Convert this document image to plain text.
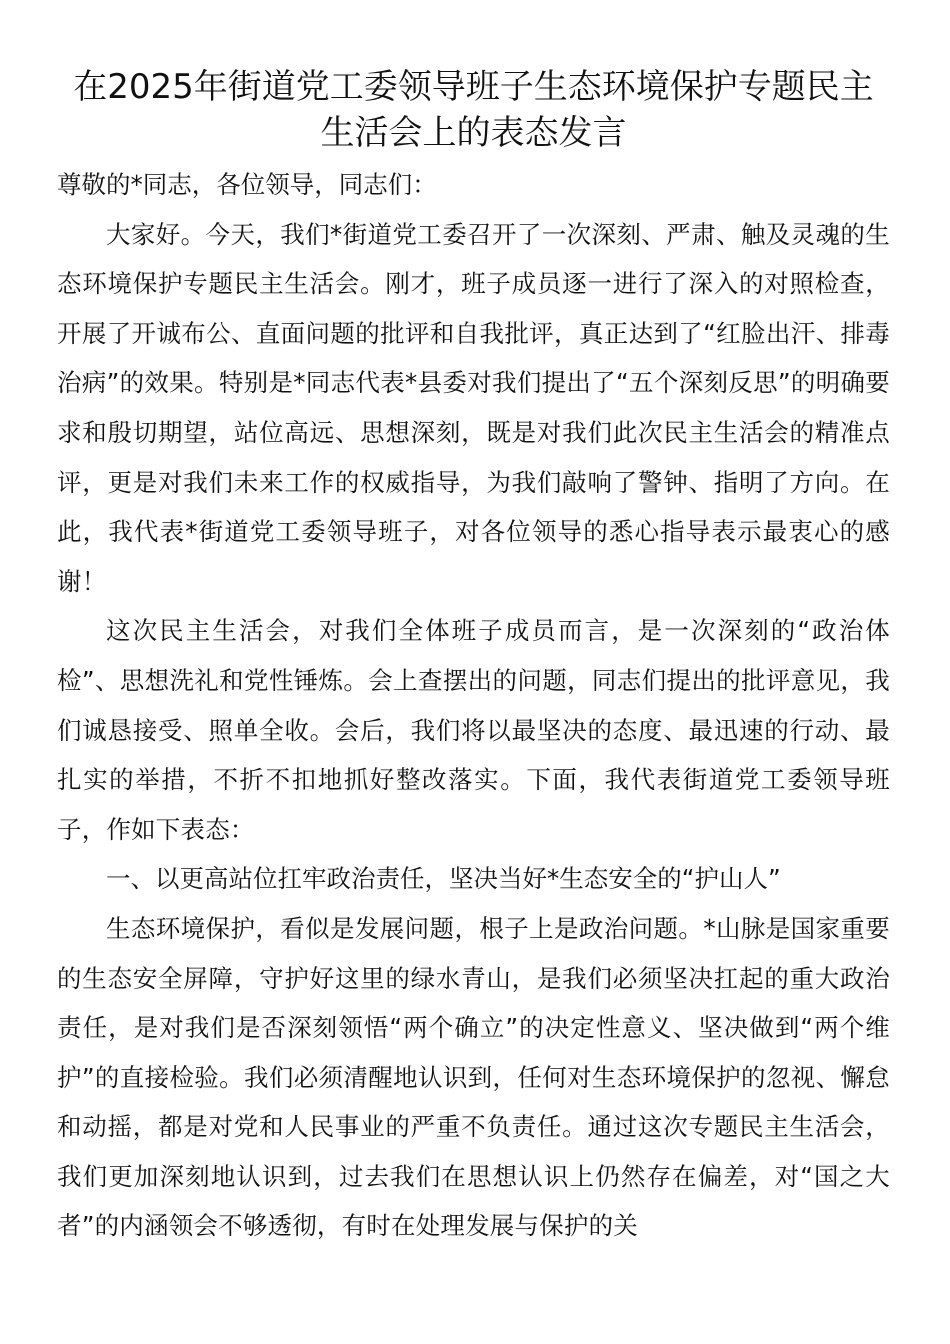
在2025年街道党工委领导班子生态环境保护专题民主生活会上的表态发言

尊敬的*同志，各位领导，同志们：

大家好。今天，我们*街道党工委召开了一次深刻、严肃、触及灵魂的生态环境保护专题民主生活会。刚才，班子成员逐一进行了深入的对照检查，开展了开诚布公、直面问题的批评和自我批评，真正达到了“红脸出汗、排毒治病”的效果。特别是*同志代表*县委对我们提出了“五个深刻反思”的明确要求和殷切期望，站位高远、思想深刻，既是对我们此次民主生活会的精准点评，更是对我们未来工作的权威指导，为我们敲响了警钟、指明了方向。在此，我代表*街道党工委领导班子，对各位领导的悉心指导表示最衷心的感谢！

这次民主生活会，对我们全体班子成员而言，是一次深刻的“政治体检”、思想洗礼和党性锤炼。会上查摆出的问题，同志们提出的批评意见，我们诚恳接受、照单全收。会后，我们将以最坚决的态度、最迅速的行动、最扎实的举措，不折不扣地抓好整改落实。下面，我代表街道党工委领导班子，作如下表态：

一、以更高站位扛牢政治责任，坚决当好*生态安全的“护山人”

生态环境保护，看似是发展问题，根子上是政治问题。*山脉是国家重要的生态安全屏障，守护好这里的绿水青山，是我们必须坚决扛起的重大政治责任，是对我们是否深刻领悟“两个确立”的决定性意义、坚决做到“两个维护”的直接检验。我们必须清醒地认识到，任何对生态环境保护的忽视、懈怠和动摇，都是对党和人民事业的严重不负责任。通过这次专题民主生活会，我们更加深刻地认识到，过去我们在思想认识上仍然存在偏差，对“国之大者”的内涵领会不够透彻，有时在处理发展与保护的关
